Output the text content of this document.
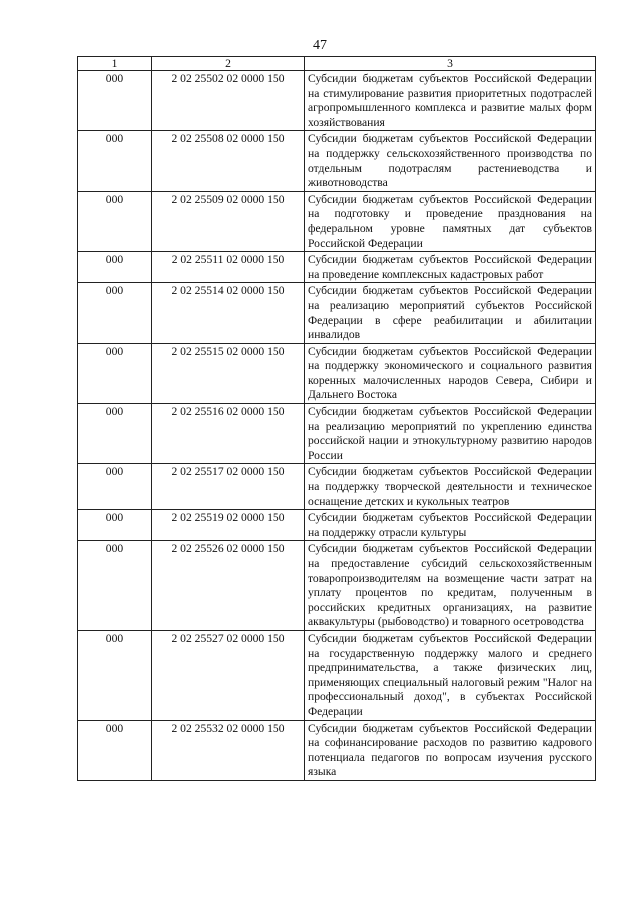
47
1	2	3
000	2 02 25502 02 0000 150	Субсидии бюджетам субъектов Российской Федерации на стимулирование развития приоритетных подотраслей агропромышленного комплекса и развитие малых форм хозяйствования
000	2 02 25508 02 0000 150	Субсидии бюджетам субъектов Российской Федерации на поддержку сельскохозяйственного производства по отдельным подотраслям растениеводства и животноводства
000	2 02 25509 02 0000 150	Субсидии бюджетам субъектов Российской Федерации на подготовку и проведение празднования на федеральном уровне памятных дат субъектов Российской Федерации
000	2 02 25511 02 0000 150	Субсидии бюджетам субъектов Российской Федерации на проведение комплексных кадастровых работ
000	2 02 25514 02 0000 150	Субсидии бюджетам субъектов Российской Федерации на реализацию мероприятий субъектов Российской Федерации в сфере реабилитации и абилитации инвалидов
000	2 02 25515 02 0000 150	Субсидии бюджетам субъектов Российской Федерации на поддержку экономического и социального развития коренных малочисленных народов Севера, Сибири и Дальнего Востока
000	2 02 25516 02 0000 150	Субсидии бюджетам субъектов Российской Федерации на реализацию мероприятий по укреплению единства российской нации и этнокультурному развитию народов России
000	2 02 25517 02 0000 150	Субсидии бюджетам субъектов Российской Федерации на поддержку творческой деятельности и техническое оснащение детских и кукольных театров
000	2 02 25519 02 0000 150	Субсидии бюджетам субъектов Российской Федерации на поддержку отрасли культуры
000	2 02 25526 02 0000 150	Субсидии бюджетам субъектов Российской Федерации на предоставление субсидий сельскохозяйственным товаропроизводителям на возмещение части затрат на уплату процентов по кредитам, полученным в российских кредитных организациях, на развитие аквакультуры (рыбоводство) и товарного осетроводства
000	2 02 25527 02 0000 150	Субсидии бюджетам субъектов Российской Федерации на государственную поддержку малого и среднего предпринимательства, а также физических лиц, применяющих специальный налоговый режим "Налог на профессиональный доход", в субъектах Российской Федерации
000	2 02 25532 02 0000 150	Субсидии бюджетам субъектов Российской Федерации на софинансирование расходов по развитию кадрового потенциала педагогов по вопросам изучения русского языка
